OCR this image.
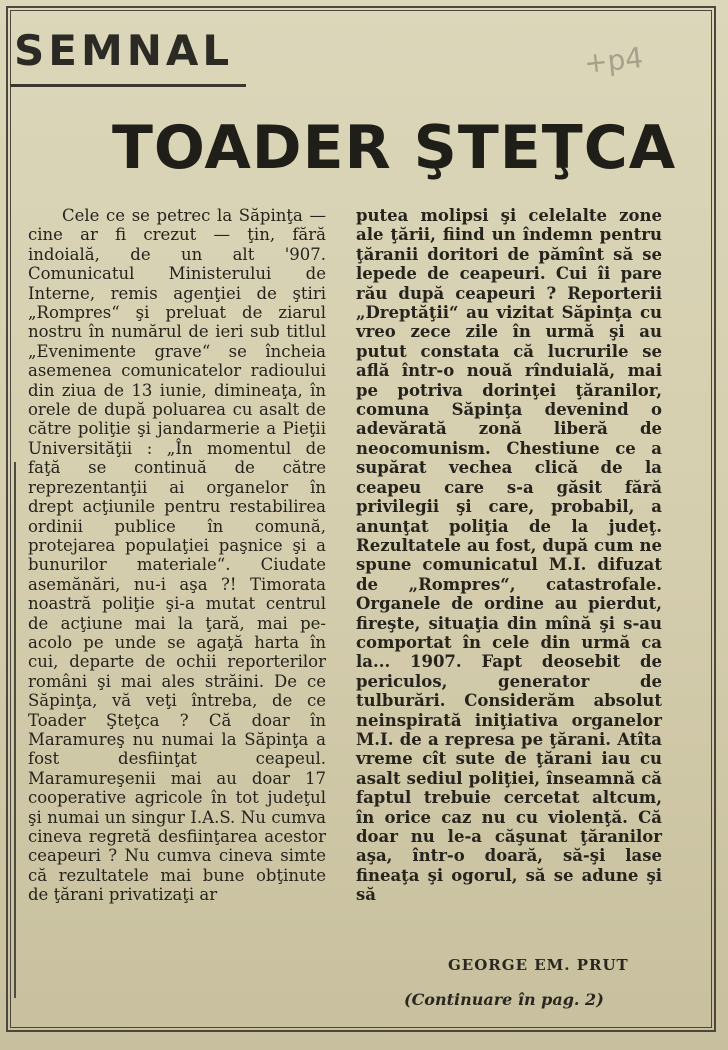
SEMNAL	+p4
TOADER ŞTEŢCA
Cele ce se petrec la Săpinţa — cine ar fi crezut — ţin, fără indoială, de un alt '907. Comunicatul Ministerului de Interne, remis agenţiei de ştiri „Rompres“ şi preluat de ziarul nostru în numărul de ieri sub titlul „Evenimente grave“ se încheia asemenea comunicatelor radioului din ziua de 13 iunie, dimineaţa, în orele de după poluarea cu asalt de către poliţie şi jandarmerie a Pieţii Universităţii : „În momentul de faţă se continuă de către reprezentanţii ai organelor în drept acţiunile pentru restabilirea ordinii publice în comună, protejarea populaţiei paşnice şi a bunurilor materiale“. Ciudate asemănări, nu-i aşa ?! Timorata noastră poliţie şi-a mutat centrul de acţiune mai la ţară, mai pe-acolo pe unde se agaţă harta în cui, departe de ochii reporterilor români şi mai ales străini. De ce Săpinţa, vă veţi întreba, de ce Toader Şteţca ? Că doar în Maramureş nu numai la Săpinţa a fost desfiinţat ceapeul. Maramureşenii mai au doar 17 cooperative agricole în tot judeţul şi numai un singur I.A.S. Nu cumva cineva regretă desfiinţarea acestor ceapeuri ? Nu cumva cineva simte că rezultatele mai bune obţinute de ţărani privatizaţi ar
putea molipsi şi celelalte zone ale ţării, fiind un îndemn pentru ţăranii doritori de pămînt să se lepede de ceapeuri. Cui îi pare rău după ceapeuri ? Reporterii „Dreptăţii“ au vizitat Săpinţa cu vreo zece zile în urmă şi au putut constata că lucrurile se află într-o nouă rînduială, mai pe potriva dorinţei ţăranilor, comuna Săpinţa devenind o adevărată zonă liberă de neocomunism. Chestiune ce a supărat vechea clică de la ceapeu care s-a găsit fără privilegii şi care, probabil, a anunţat poliţia de la judeţ. Rezultatele au fost, după cum ne spune comunicatul M.I. difuzat de „Rompres“, catastrofale. Organele de ordine au pierdut, fireşte, situaţia din mînă şi s-au comportat în cele din urmă ca la... 1907. Fapt deosebit de periculos, generator de tulburări. Considerăm absolut neinspirată iniţiativa organelor M.I. de a represa pe ţărani. Atîta vreme cît sute de ţărani iau cu asalt sediul poliţiei, înseamnă că faptul trebuie cercetat altcum, în orice caz nu cu violenţă. Că doar nu le-a căşunat ţăranilor aşa, într-o doară, să-şi lase fineaţa şi ogorul, să se adune şi să
GEORGE EM. PRUT
(Continuare în pag. 2)
